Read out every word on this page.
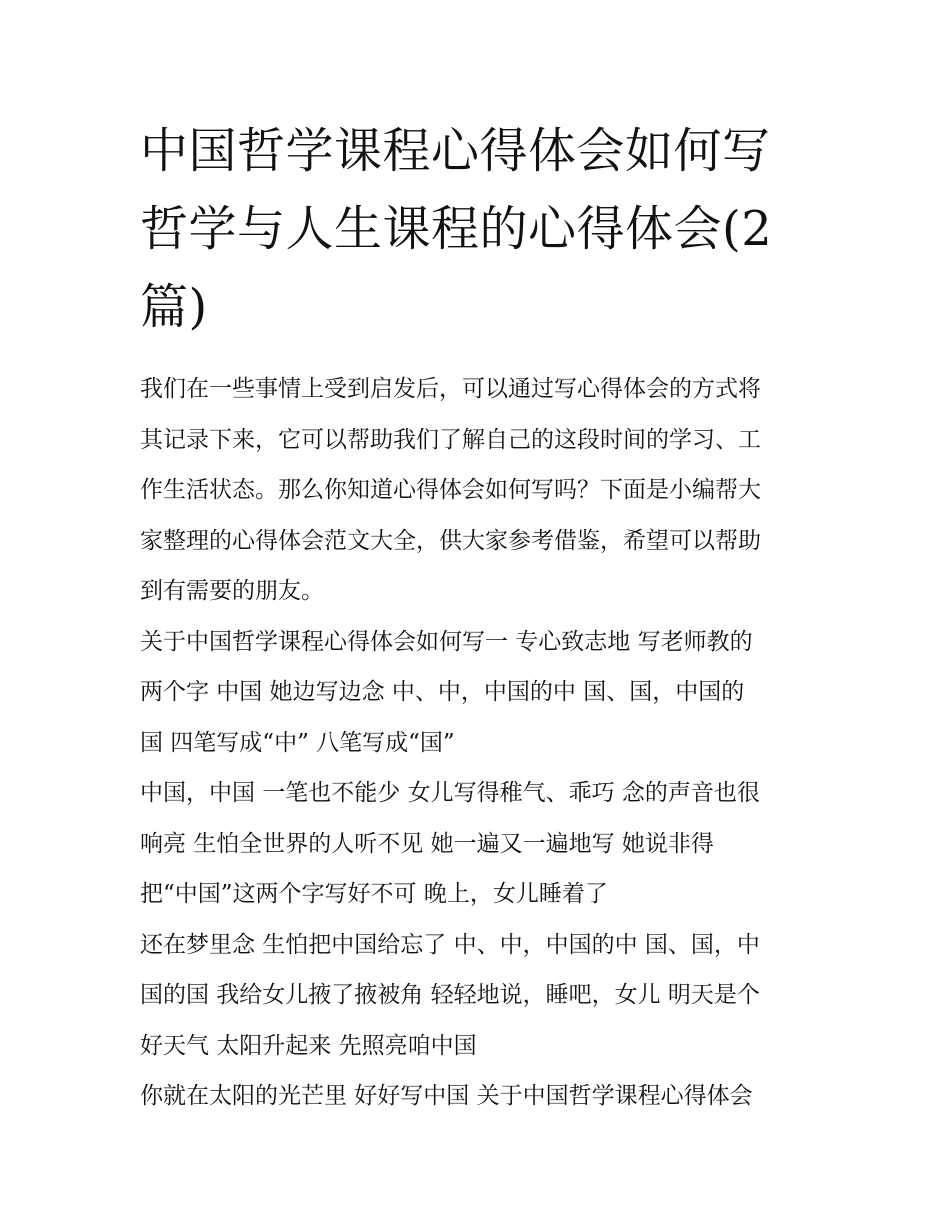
中国哲学课程心得体会如何写
哲学与人生课程的心得体会(2
篇)
我们在一些事情上受到启发后，可以通过写心得体会的方式将
其记录下来，它可以帮助我们了解自己的这段时间的学习、工
作生活状态。那么你知道心得体会如何写吗？下面是小编帮大
家整理的心得体会范文大全，供大家参考借鉴，希望可以帮助
到有需要的朋友。
关于中国哲学课程心得体会如何写一 专心致志地 写老师教的
两个字 中国 她边写边念 中、中，中国的中 国、国，中国的
国 四笔写成“中” 八笔写成“国”
中国，中国 一笔也不能少 女儿写得稚气、乖巧 念的声音也很
响亮 生怕全世界的人听不见 她一遍又一遍地写 她说非得
把“中国”这两个字写好不可 晚上，女儿睡着了
还在梦里念 生怕把中国给忘了 中、中，中国的中 国、国，中
国的国 我给女儿掖了掖被角 轻轻地说，睡吧，女儿 明天是个
好天气 太阳升起来 先照亮咱中国
你就在太阳的光芒里 好好写中国 关于中国哲学课程心得体会
